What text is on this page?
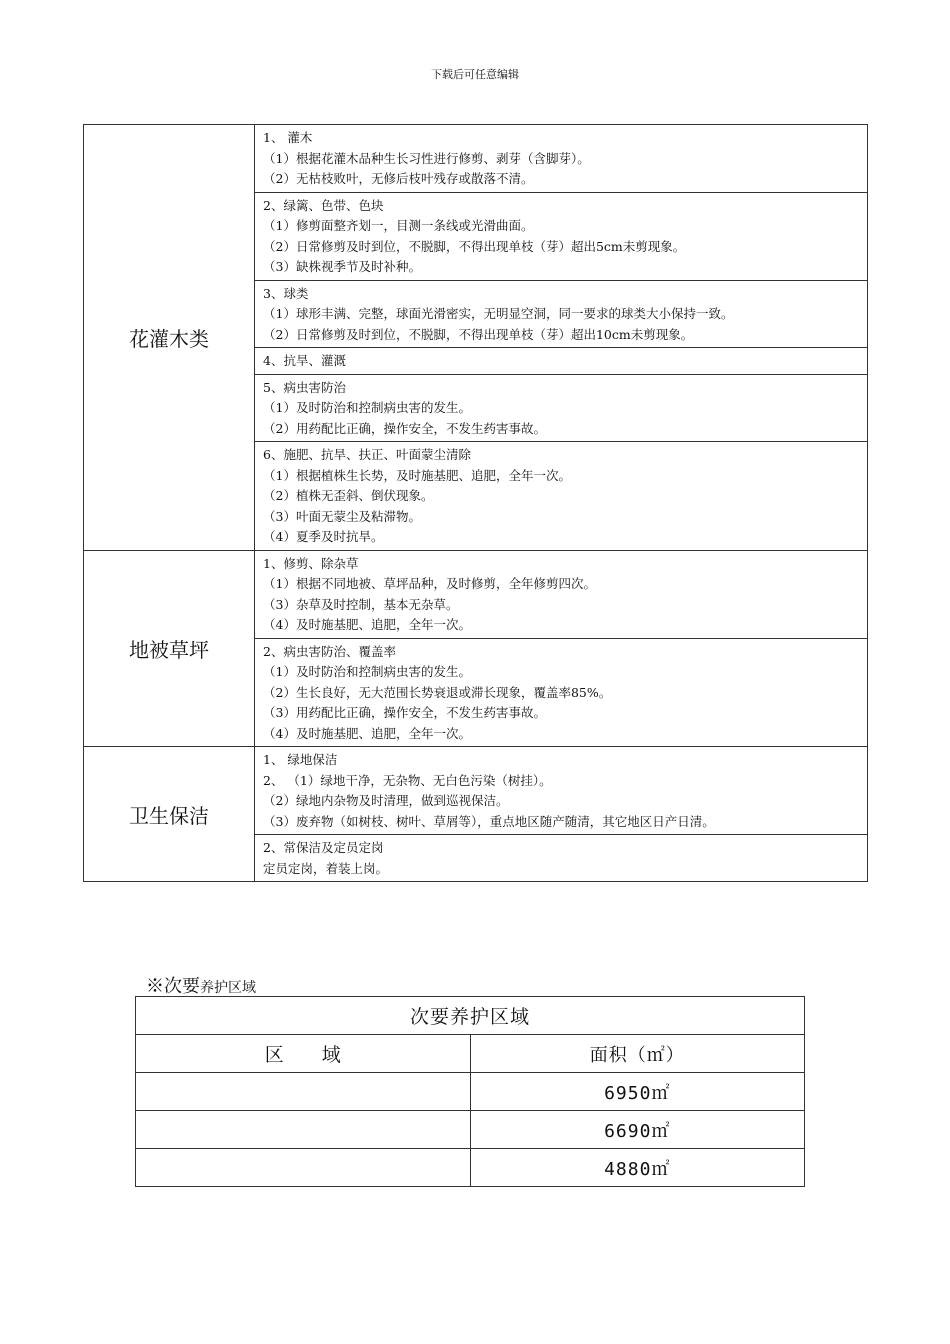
下载后可任意编辑
花灌木类	1、 灌木
（1）根据花灌木品种生长习性进行修剪、剥芽（含脚芽）。
（2）无枯枝败叶，无修后枝叶残存或散落不清。

	2、绿篱、色带、色块
（1）修剪面整齐划一，目测一条线或光滑曲面。
（2）日常修剪及时到位，不脱脚，不得出现单枝（芽）超出5cm未剪现象。
（3）缺株视季节及时补种。

	3、球类
（1）球形丰满、完整，球面光滑密实，无明显空洞，同一要求的球类大小保持一致。
（2）日常修剪及时到位，不脱脚，不得出现单枝（芽）超出10cm未剪现象。

	4、抗旱、灌溉

	5、病虫害防治
（1）及时防治和控制病虫害的发生。
（2）用药配比正确，操作安全，不发生药害事故。

	6、施肥、抗旱、扶正、叶面蒙尘清除
（1）根据植株生长势，及时施基肥、追肥，全年一次。
（2）植株无歪斜、倒伏现象。
（3）叶面无蒙尘及粘滞物。
（4）夏季及时抗旱。

地被草坪	1、修剪、除杂草
（1）根据不同地被、草坪品种，及时修剪，全年修剪四次。
（3）杂草及时控制，基本无杂草。
（4）及时施基肥、追肥，全年一次。

	2、病虫害防治、覆盖率
（1）及时防治和控制病虫害的发生。
（2）生长良好，无大范围长势衰退或滞长现象，覆盖率85%。
（3）用药配比正确，操作安全，不发生药害事故。
（4）及时施基肥、追肥，全年一次。

卫生保洁	1、 绿地保洁
2、 （1）绿地干净，无杂物、无白色污染（树挂）。
（2）绿地内杂物及时清理，做到巡视保洁。
（3）废弃物（如树枝、树叶、草屑等），重点地区随产随清，其它地区日产日清。

	2、常保洁及定员定岗
定员定岗，着装上岗。
※次要养护区域
次要养护区域	
区　　域	面积（㎡）
	6950㎡
	6690㎡
	4880㎡
